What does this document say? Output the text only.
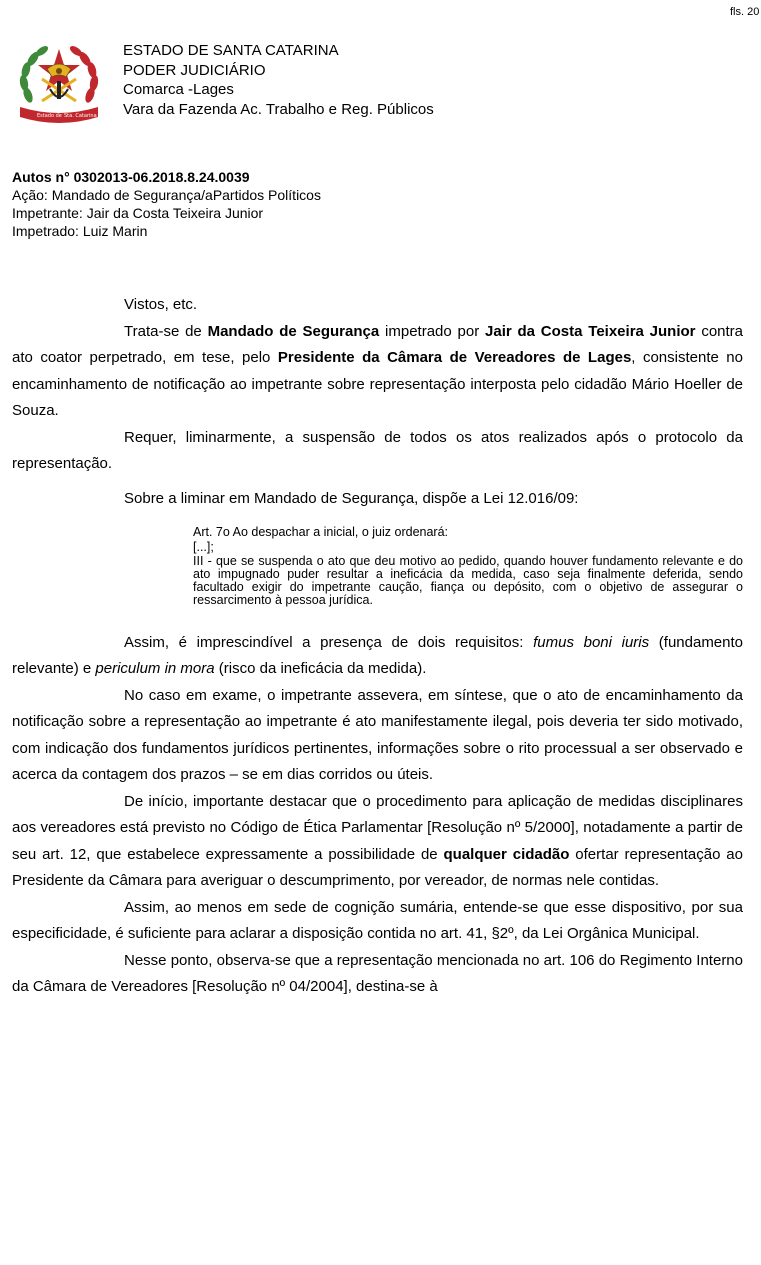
fls. 20
Estado de Sta. Catarina
ESTADO DE SANTA CATARINA
PODER JUDICIÁRIO
Comarca -Lages
Vara da Fazenda Ac. Trabalho e Reg. Públicos
Autos n° 0302013-06.2018.8.24.0039
Ação: Mandado de Segurança/aPartidos Políticos
Impetrante: Jair da Costa Teixeira Junior
Impetrado: Luiz Marin

Vistos, etc.

Trata-se de Mandado de Segurança impetrado por Jair da Costa Teixeira Junior contra ato coator perpetrado, em tese, pelo Presidente da Câmara de Vereadores de Lages, consistente no encaminhamento de notificação ao impetrante sobre representação interposta pelo cidadão Mário Hoeller de Souza.

Requer, liminarmente, a suspensão de todos os atos realizados após o protocolo da representação.

Sobre a liminar em Mandado de Segurança, dispõe a Lei 12.016/09:

Art. 7o Ao despachar a inicial, o juiz ordenará:
[...];
III - que se suspenda o ato que deu motivo ao pedido, quando houver fundamento relevante e do ato impugnado puder resultar a ineficácia da medida, caso seja finalmente deferida, sendo facultado exigir do impetrante caução, fiança ou depósito, com o objetivo de assegurar o ressarcimento à pessoa jurídica.

Assim, é imprescindível a presença de dois requisitos: fumus boni iuris (fundamento relevante) e periculum in mora (risco da ineficácia da medida).

No caso em exame, o impetrante assevera, em síntese, que o ato de encaminhamento da notificação sobre a representação ao impetrante é ato manifestamente ilegal, pois deveria ter sido motivado, com indicação dos fundamentos jurídicos pertinentes, informações sobre o rito processual a ser observado e acerca da contagem dos prazos – se em dias corridos ou úteis.

De início, importante destacar que o procedimento para aplicação de medidas disciplinares aos vereadores está previsto no Código de Ética Parlamentar [Resolução nº 5/2000], notadamente a partir de seu art. 12, que estabelece expressamente a possibilidade de qualquer cidadão ofertar representação ao Presidente da Câmara para averiguar o descumprimento, por vereador, de normas nele contidas.

Assim, ao menos em sede de cognição sumária, entende-se que esse dispositivo, por sua especificidade, é suficiente para aclarar a disposição contida no art. 41, §2º, da Lei Orgânica Municipal.

Nesse ponto, observa-se que a representação mencionada no art. 106 do Regimento Interno da Câmara de Vereadores [Resolução nº 04/2004], destina-se à
